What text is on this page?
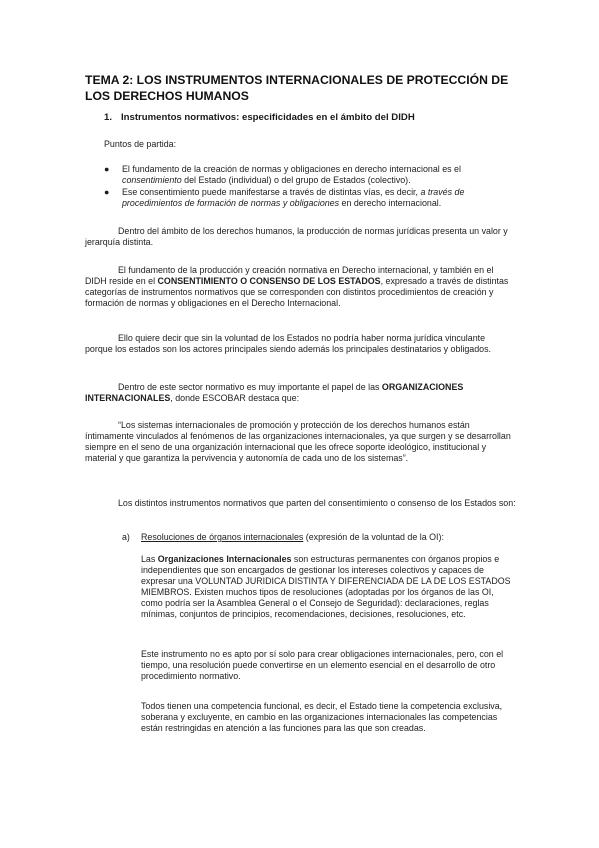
TEMA 2: LOS INSTRUMENTOS INTERNACIONALES DE PROTECCIÓN DE LOS DERECHOS HUMANOS
1. Instrumentos normativos: especificidades en el ámbito del DIDH
Puntos de partida:
● El fundamento de la creación de normas y obligaciones en derecho internacional es el consentimiento del Estado (individual) o del grupo de Estados (colectivo).
● Ese consentimiento puede manifestarse a través de distintas vías, es decir, a través de procedimientos de formación de normas y obligaciones en derecho internacional.
Dentro del ámbito de los derechos humanos, la producción de normas jurídicas presenta un valor y jerarquía distinta.
El fundamento de la producción y creación normativa en Derecho internacional, y también en el DIDH reside en el CONSENTIMIENTO O CONSENSO DE LOS ESTADOS, expresado a través de distintas categorías de instrumentos normativos que se corresponden con distintos procedimientos de creación y formación de normas y obligaciones en el Derecho Internacional.
Ello quiere decir que sin la voluntad de los Estados no podría haber norma jurídica vinculante porque los estados son los actores principales siendo además los principales destinatarios y obligados.
Dentro de este sector normativo es muy importante el papel de las ORGANIZACIONES INTERNACIONALES, donde ESCOBAR destaca que:
“Los sistemas internacionales de promoción y protección de los derechos humanos están íntimamente vinculados al fenómenos de las organizaciones internacionales, ya que surgen y se desarrollan siempre en el seno de una organización internacional que les ofrece soporte ideológico, institucional y material y que garantiza la pervivencia y autonomía de cada uno de los sistemas”.
Los distintos instrumentos normativos que parten del consentimiento o consenso de los Estados son:
a) Resoluciones de órganos internacionales (expresión de la voluntad de la OI):
Las Organizaciones Internacionales son estructuras permanentes con órganos propios e independientes que son encargados de gestionar los intereses colectivos y capaces de expresar una VOLUNTAD JURIDICA DISTINTA Y DIFERENCIADA DE LA DE LOS ESTADOS MIEMBROS. Existen muchos tipos de resoluciones (adoptadas por los órganos de las OI, como podría ser la Asamblea General o el Consejo de Seguridad): declaraciones, reglas mínimas, conjuntos de principios, recomendaciones, decisiones, resoluciones, etc.
Este instrumento no es apto por sí solo para crear obligaciones internacionales, pero, con el tiempo, una resolución puede convertirse en un elemento esencial en el desarrollo de otro procedimiento normativo.
Todos tienen una competencia funcional, es decir, el Estado tiene la competencia exclusiva, soberana y excluyente, en cambio en las organizaciones internacionales las competencias están restringidas en atención a las funciones para las que son creadas.
